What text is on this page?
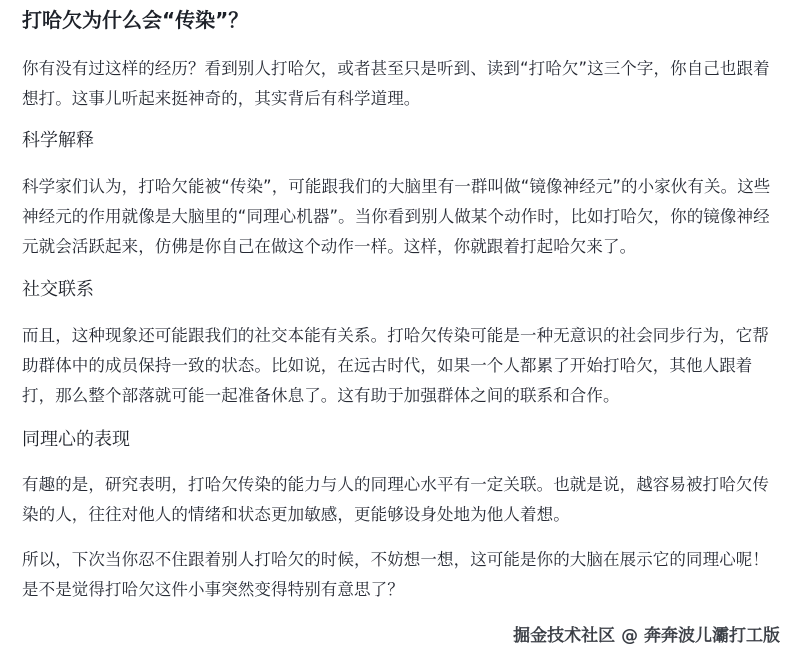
打哈欠为什么会“传染”？

你有没有过这样的经历？看到别人打哈欠，或者甚至只是听到、读到“打哈欠”这三个字，你自己也跟着想打。这事儿听起来挺神奇的，其实背后有科学道理。

科学解释

科学家们认为，打哈欠能被“传染”，可能跟我们的大脑里有一群叫做“镜像神经元”的小家伙有关。这些神经元的作用就像是大脑里的“同理心机器”。当你看到别人做某个动作时，比如打哈欠，你的镜像神经元就会活跃起来，仿佛是你自己在做这个动作一样。这样，你就跟着打起哈欠来了。

社交联系

而且，这种现象还可能跟我们的社交本能有关系。打哈欠传染可能是一种无意识的社会同步行为，它帮助群体中的成员保持一致的状态。比如说，在远古时代，如果一个人都累了开始打哈欠，其他人跟着打，那么整个部落就可能一起准备休息了。这有助于加强群体之间的联系和合作。

同理心的表现

有趣的是，研究表明，打哈欠传染的能力与人的同理心水平有一定关联。也就是说，越容易被打哈欠传染的人，往往对他人的情绪和状态更加敏感，更能够设身处地为他人着想。

所以，下次当你忍不住跟着别人打哈欠的时候，不妨想一想，这可能是你的大脑在展示它的同理心呢！是不是觉得打哈欠这件小事突然变得特别有意思了？

掘金技术社区 @ 奔奔波儿灞打工版
